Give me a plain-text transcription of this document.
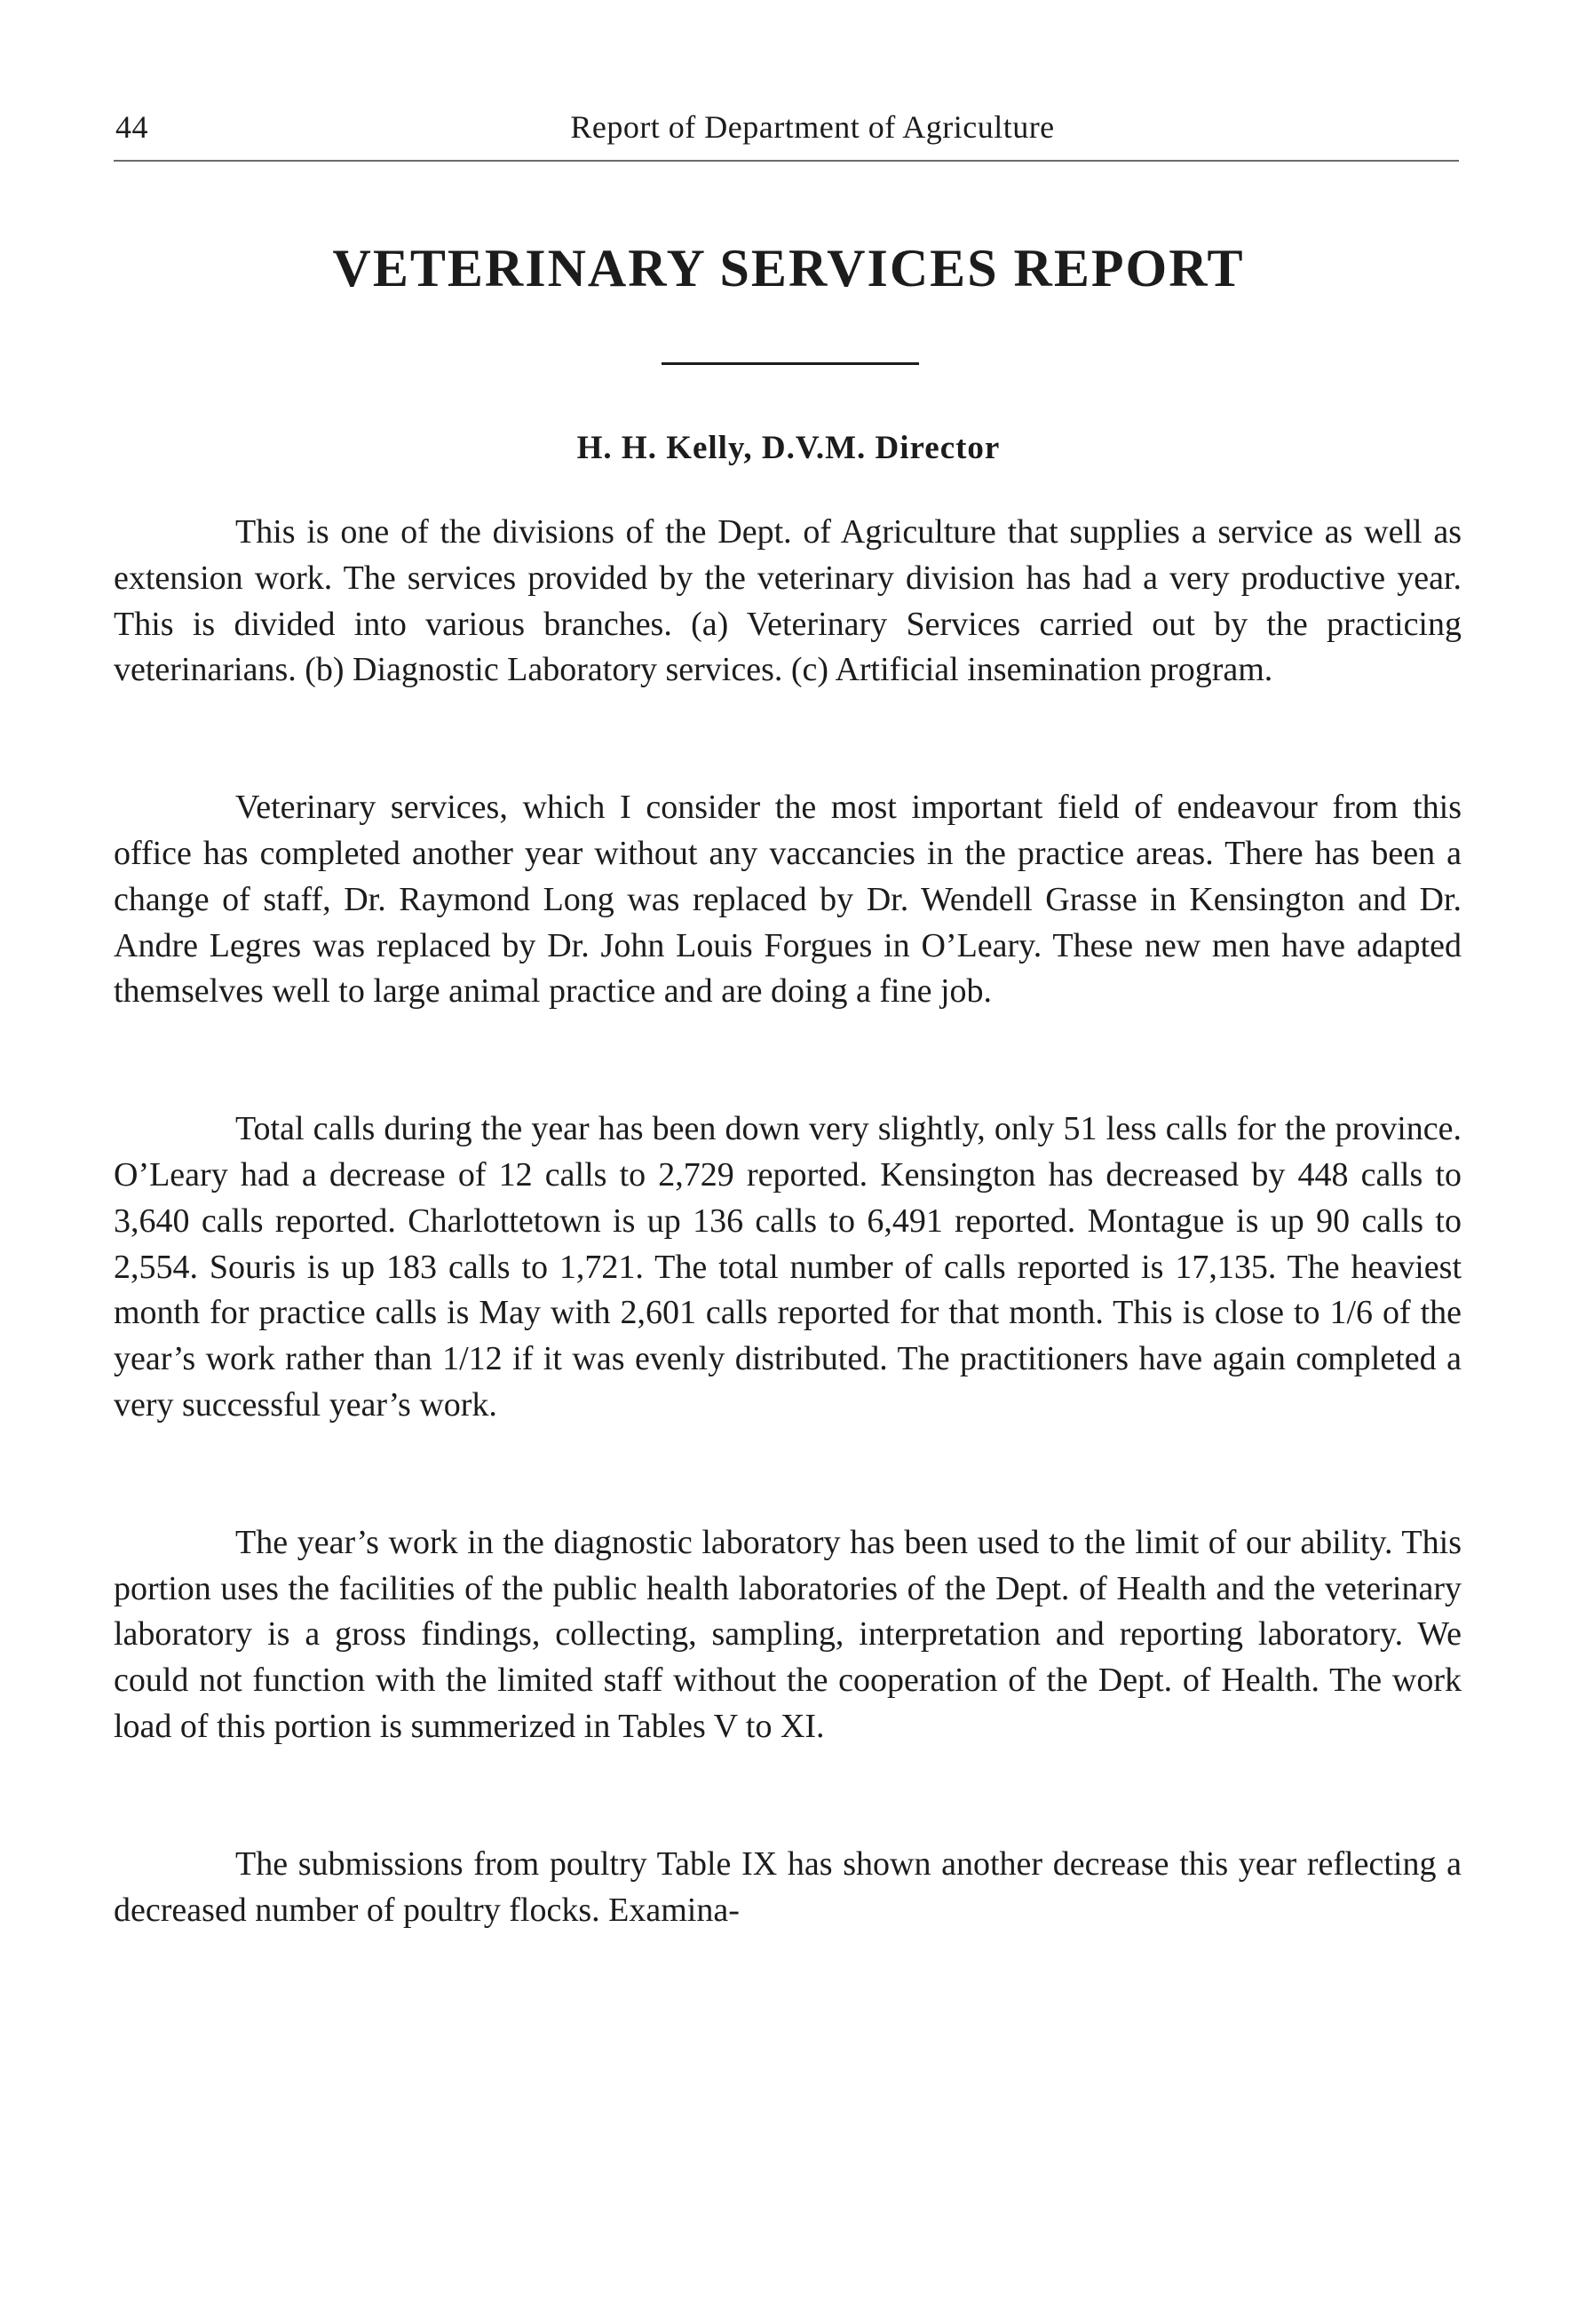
44	Report of Department of Agriculture
VETERINARY SERVICES REPORT
H. H. Kelly, D.V.M. Director

This is one of the divisions of the Dept. of Agriculture that supplies a service as well as extension work. The services provided by the veterinary division has had a very productive year. This is divided into various branches. (a) Veterinary Services carried out by the practicing veterinarians. (b) Diagnostic Laboratory services. (c) Artificial insemination program.

Veterinary services, which I consider the most important field of endeavour from this office has completed another year without any vaccancies in the practice areas. There has been a change of staff, Dr. Raymond Long was replaced by Dr. Wendell Grasse in Kensington and Dr. Andre Legres was replaced by Dr. John Louis Forgues in O’Leary. These new men have adapted themselves well to large animal practice and are doing a fine job.

Total calls during the year has been down very slightly, only 51 less calls for the province. O’Leary had a decrease of 12 calls to 2,729 reported. Kensington has decreased by 448 calls to 3,640 calls reported. Charlottetown is up 136 calls to 6,491 reported. Montague is up 90 calls to 2,554. Souris is up 183 calls to 1,721. The total number of calls reported is 17,135. The heaviest month for practice calls is May with 2,601 calls reported for that month. This is close to 1/6 of the year’s work rather than 1/12 if it was evenly distributed. The practitioners have again completed a very successful year’s work.

The year’s work in the diagnostic laboratory has been used to the limit of our ability. This portion uses the facilities of the public health laboratories of the Dept. of Health and the veterinary laboratory is a gross findings, collecting, sampling, interpretation and reporting laboratory. We could not function with the limited staff without the cooperation of the Dept. of Health. The work load of this portion is summerized in Tables V to XI.

The submissions from poultry Table IX has shown another decrease this year reflecting a decreased number of poultry flocks. Examina-
